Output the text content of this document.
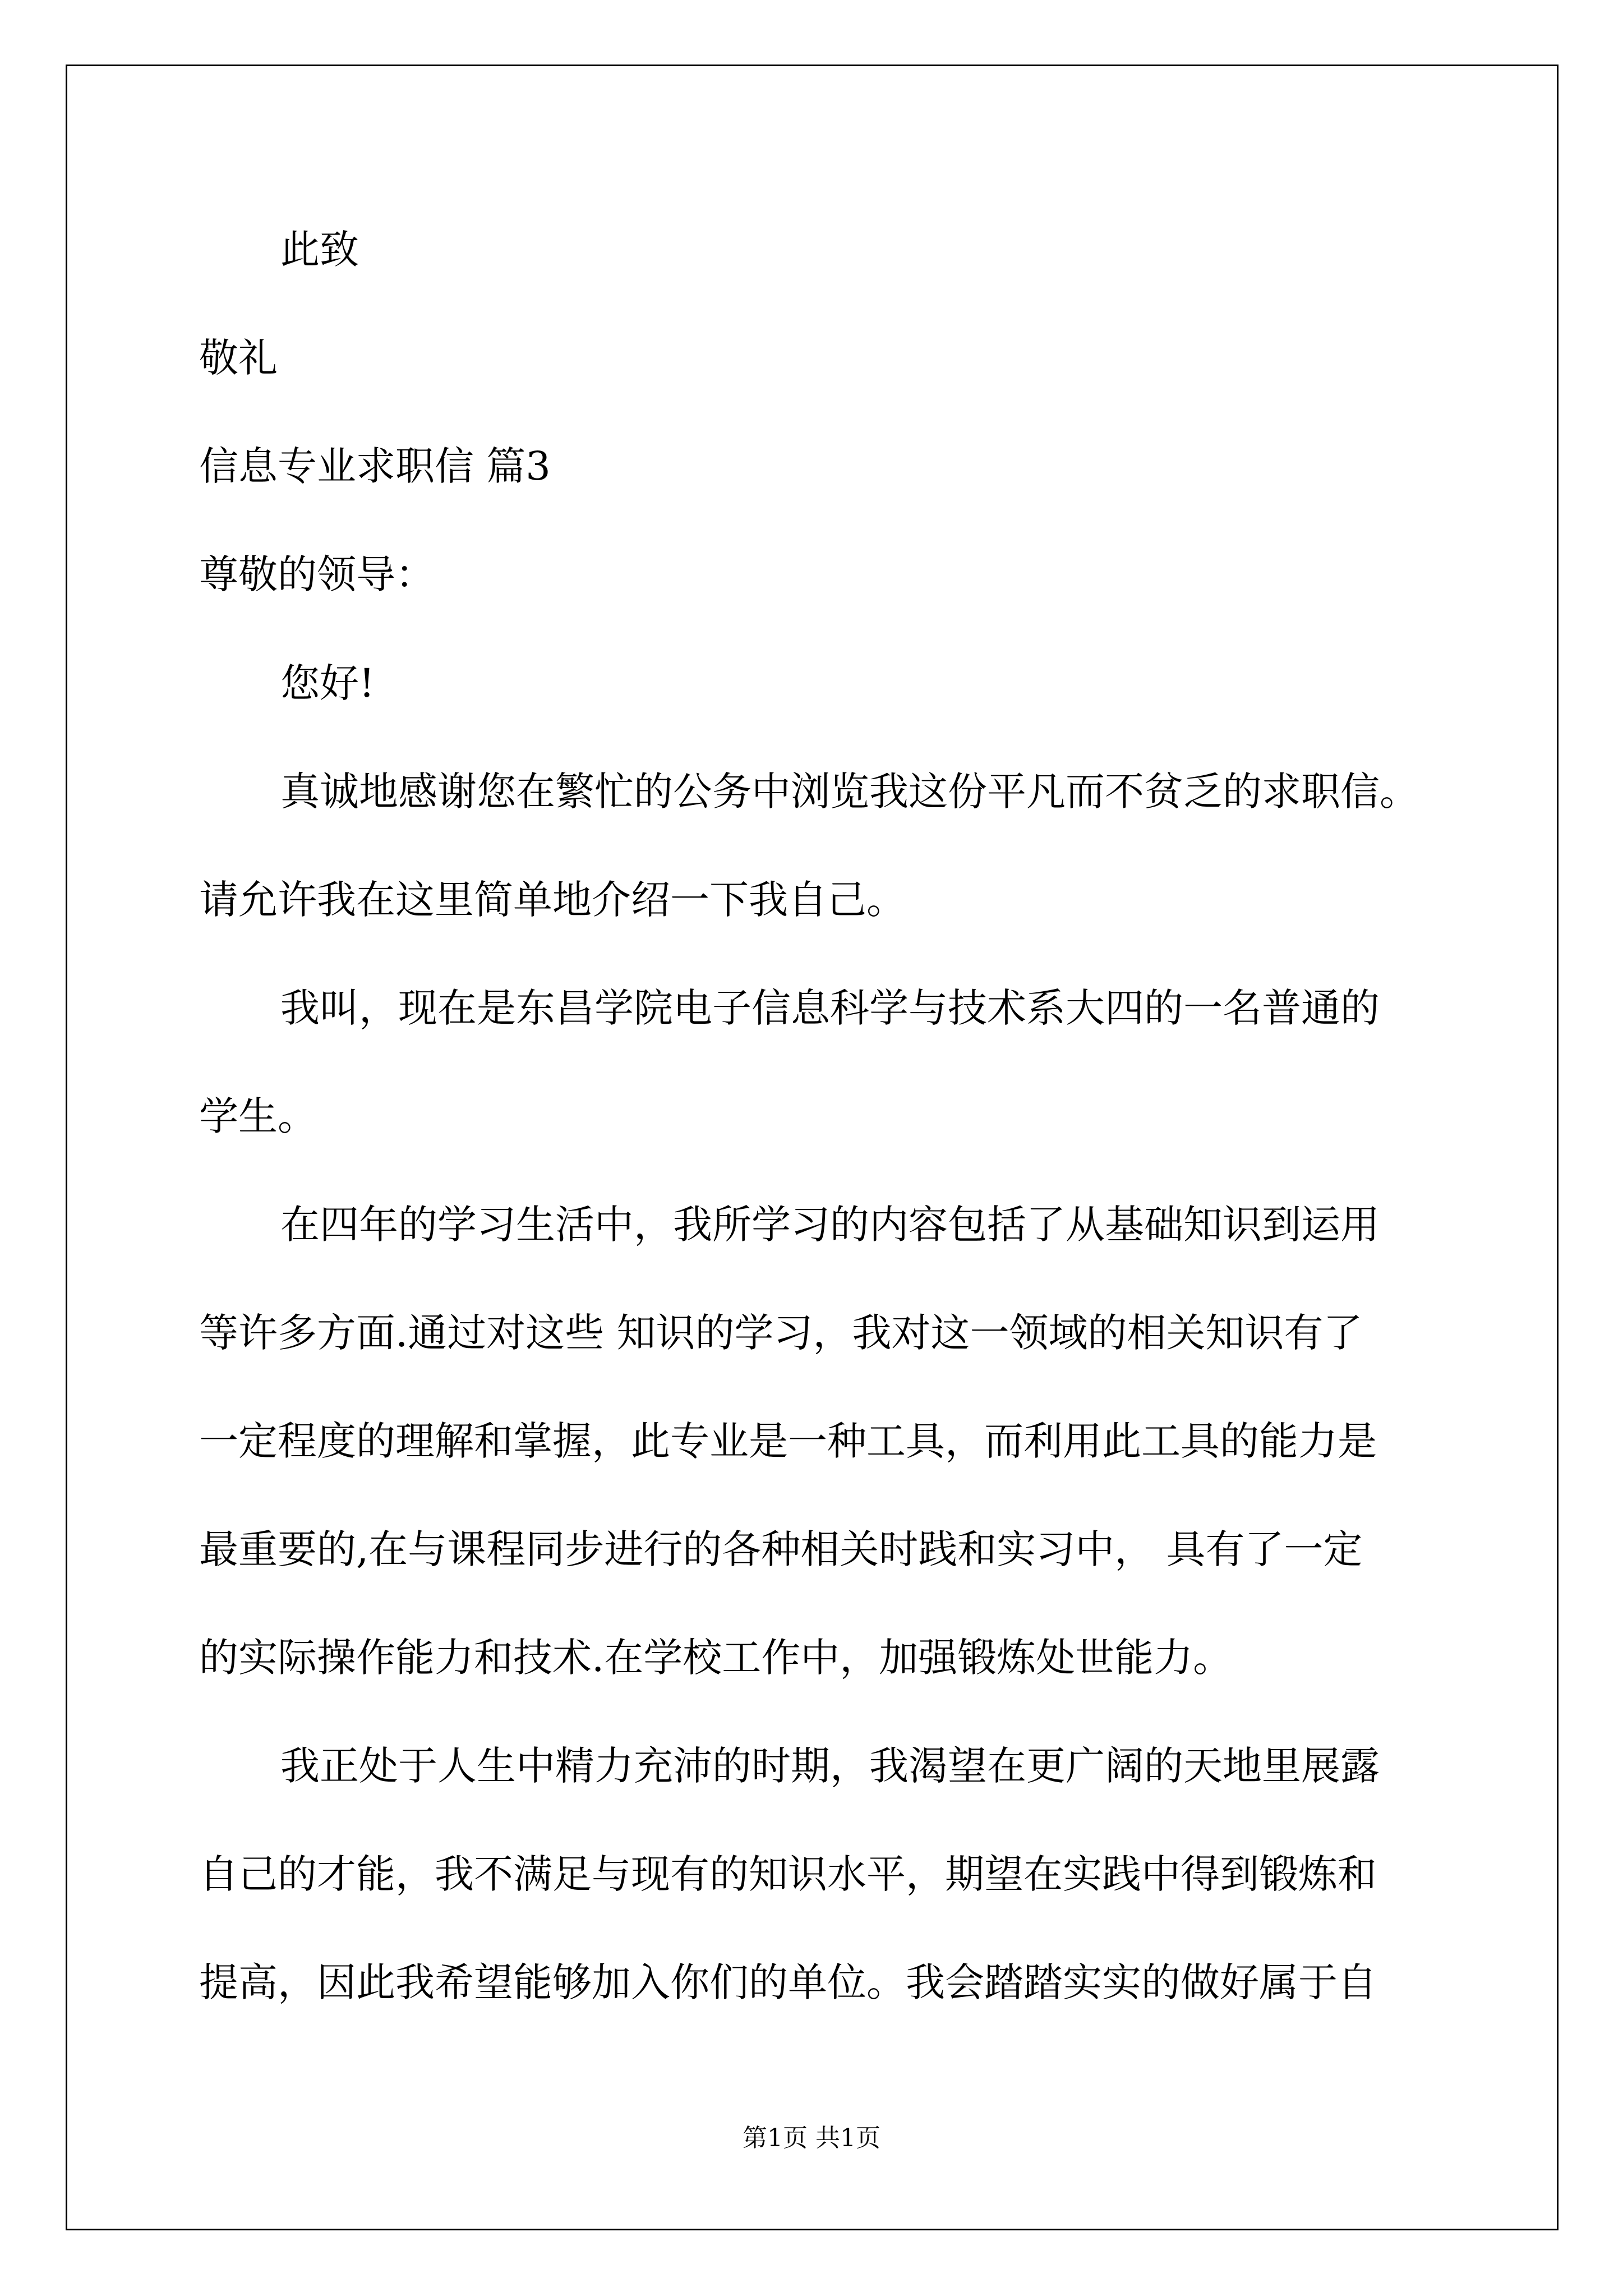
此致
敬礼
信息专业求职信 篇3
尊敬的领导：
您好!
真诚地感谢您在繁忙的公务中浏览我这份平凡而不贫乏的求职信。
请允许我在这里简单地介绍一下我自己。
我叫，现在是东昌学院电子信息科学与技术系大四的一名普通的
学生。
在四年的学习生活中，我所学习的内容包括了从基础知识到运用
等许多方面.通过对这些 知识的学习，我对这一领域的相关知识有了
一定程度的理解和掌握，此专业是一种工具，而利用此工具的能力是
最重要的,在与课程同步进行的各种相关时践和实习中， 具有了一定
的实际操作能力和技术.在学校工作中，加强锻炼处世能力。
我正处于人生中精力充沛的时期，我渴望在更广阔的天地里展露
自己的才能，我不满足与现有的知识水平，期望在实践中得到锻炼和
提高，因此我希望能够加入你们的单位。我会踏踏实实的做好属于自
第1页 共1页
